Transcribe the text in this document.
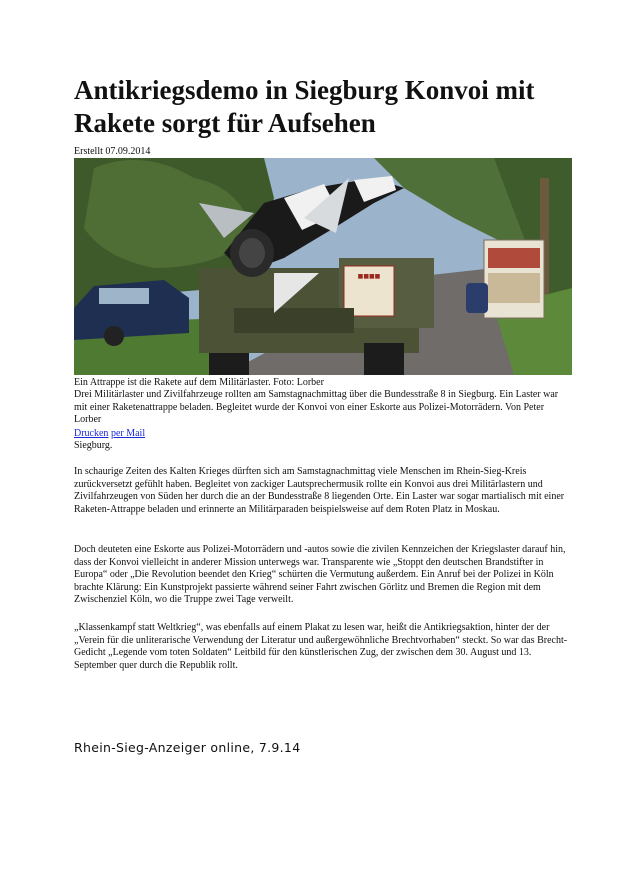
Antikriegsdemo in Siegburg Konvoi mit Rakete sorgt für Aufsehen
Erstellt 07.09.2014
■■■■
Ein Attrappe ist die Rakete auf dem Militärlaster. Foto: Lorber
Drei Militärlaster und Zivilfahrzeuge rollten am Samstagnachmittag über die Bundesstraße 8 in Siegburg. Ein Laster war mit einer Raketenattrappe beladen. Begleitet wurde der Konvoi von einer Eskorte aus Polizei-Motorrädern. Von Peter Lorber
Drucken per Mail
Siegburg.

In schaurige Zeiten des Kalten Krieges dürften sich am Samstagnachmittag viele Menschen im Rhein-Sieg-Kreis zurückversetzt gefühlt haben. Begleitet von zackiger Lautsprechermusik rollte ein Konvoi aus drei Militärlastern und Zivilfahrzeugen von Süden her durch die an der Bundesstraße 8 liegenden Orte. Ein Laster war sogar martialisch mit einer Raketen-Attrappe beladen und erinnerte an Militärparaden beispielsweise auf dem Roten Platz in Moskau.

Doch deuteten eine Eskorte aus Polizei-Motorrädern und -autos sowie die zivilen Kennzeichen der Kriegslaster darauf hin, dass der Konvoi vielleicht in anderer Mission unterwegs war. Transparente wie „Stoppt den deutschen Brandstifter in Europa“ oder „Die Revolution beendet den Krieg“ schürten die Vermutung außerdem. Ein Anruf bei der Polizei in Köln brachte Klärung: Ein Kunstprojekt passierte während seiner Fahrt zwischen Görlitz und Bremen die Region mit dem Zwischenziel Köln, wo die Truppe zwei Tage verweilt.

„Klassenkampf statt Weltkrieg“, was ebenfalls auf einem Plakat zu lesen war, heißt die Antikriegsaktion, hinter der der „Verein für die unliterarische Verwendung der Literatur und außergewöhnliche Brechtvorhaben“ steckt. So war das Brecht-Gedicht „Legende vom toten Soldaten“ Leitbild für den künstlerischen Zug, der zwischen dem 30. August und 13. September quer durch die Republik rollt.

Rhein-Sieg-Anzeiger online, 7.9.14
